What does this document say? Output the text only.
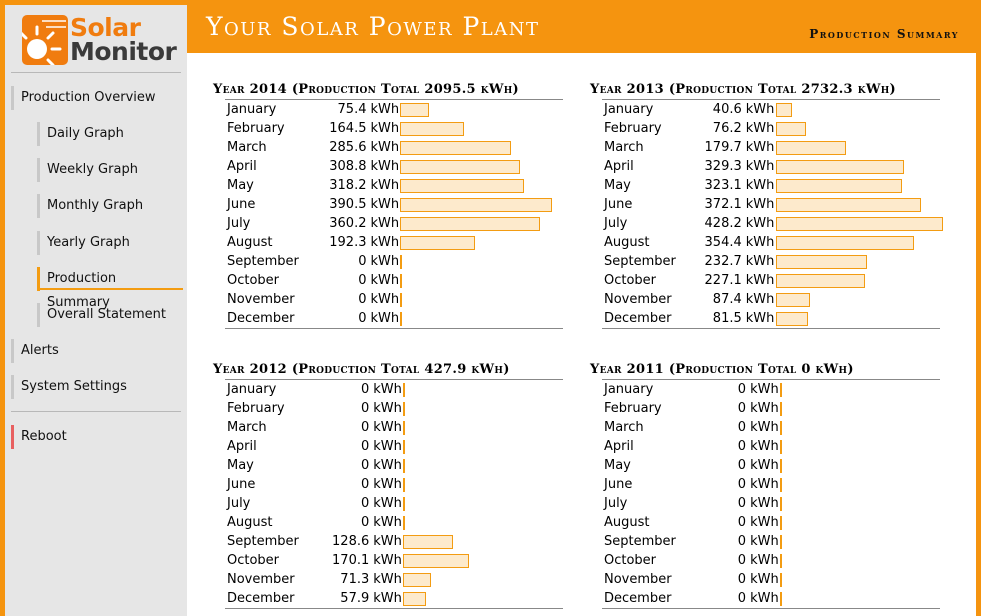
Solar
Monitor
Production Overview
Daily Graph
Weekly Graph
Monthly Graph
Yearly Graph
Production Summary
Overall Statement
Alerts
System Settings
Reboot
Your Solar Power Plant	Production Summary
Year 2014 (Production Total 2095.5 kWh)
January	75.4	kWh	

February	164.5	kWh	

March	285.6	kWh	

April	308.8	kWh	

May	318.2	kWh	

June	390.5	kWh	

July	360.2	kWh	

August	192.3	kWh	

September	0	kWh	

October	0	kWh	

November	0	kWh	

December	0	kWh	
Year 2013 (Production Total 2732.3 kWh)
January	40.6	kWh	

February	76.2	kWh	

March	179.7	kWh	

April	329.3	kWh	

May	323.1	kWh	

June	372.1	kWh	

July	428.2	kWh	

August	354.4	kWh	

September	232.7	kWh	

October	227.1	kWh	

November	87.4	kWh	

December	81.5	kWh	
Year 2012 (Production Total 427.9 kWh)
January	0	kWh	

February	0	kWh	

March	0	kWh	

April	0	kWh	

May	0	kWh	

June	0	kWh	

July	0	kWh	

August	0	kWh	

September	128.6	kWh	

October	170.1	kWh	

November	71.3	kWh	

December	57.9	kWh	
Year 2011 (Production Total 0 kWh)
January	0	kWh	

February	0	kWh	

March	0	kWh	

April	0	kWh	

May	0	kWh	

June	0	kWh	

July	0	kWh	

August	0	kWh	

September	0	kWh	

October	0	kWh	

November	0	kWh	

December	0	kWh	
